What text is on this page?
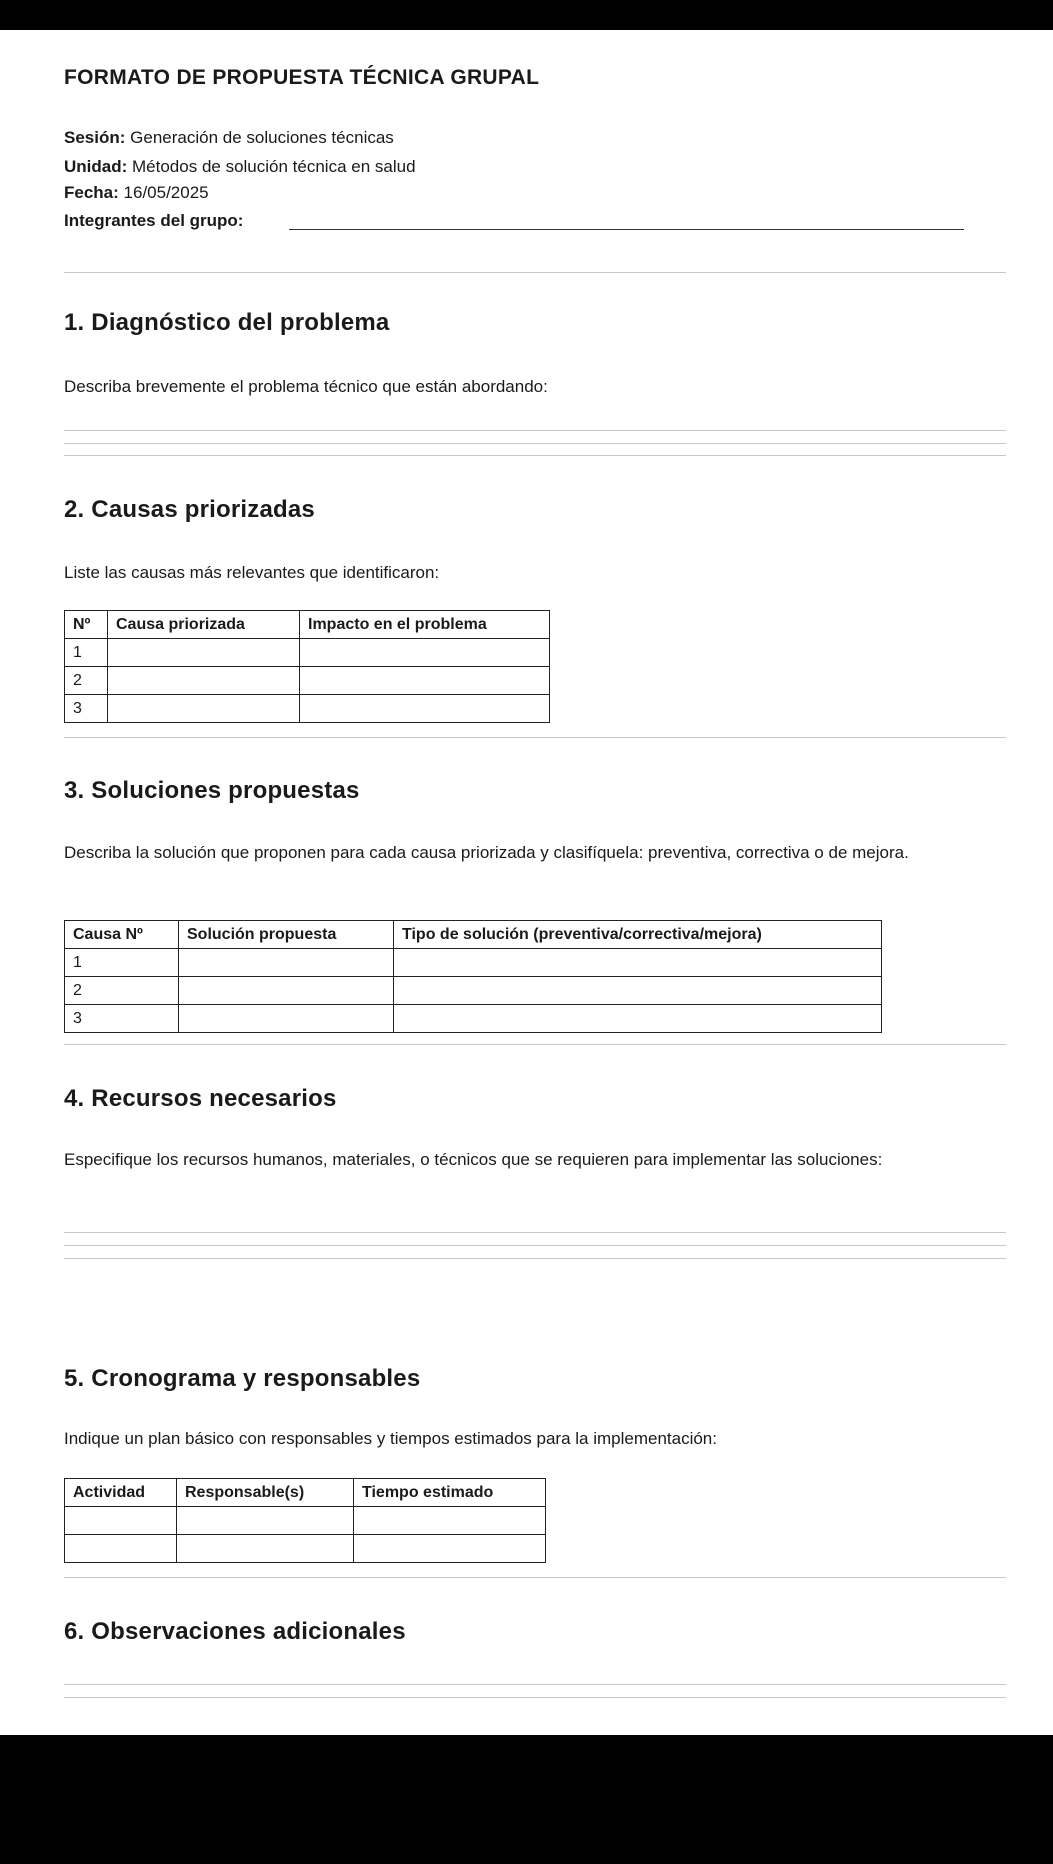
FORMATO DE PROPUESTA TÉCNICA GRUPAL
Sesión: Generación de soluciones técnicas
Unidad: Métodos de solución técnica en salud
Fecha: 16/05/2025
Integrantes del grupo:
1. Diagnóstico del problema

Describa brevemente el problema técnico que están abordando:

2. Causas priorizadas

Liste las causas más relevantes que identificaron:

Nº	Causa priorizada	Impacto en el problema
1		
2		
3		
3. Soluciones propuestas

Describa la solución que proponen para cada causa priorizada y clasifíquela: preventiva, correctiva o de mejora.

Causa Nº	Solución propuesta	Tipo de solución (preventiva/correctiva/mejora)
1		
2		
3		
4. Recursos necesarios

Especifique los recursos humanos, materiales, o técnicos que se requieren para implementar las soluciones:

5. Cronograma y responsables

Indique un plan básico con responsables y tiempos estimados para la implementación:

Actividad	Responsable(s)	Tiempo estimado

6. Observaciones adicionales
